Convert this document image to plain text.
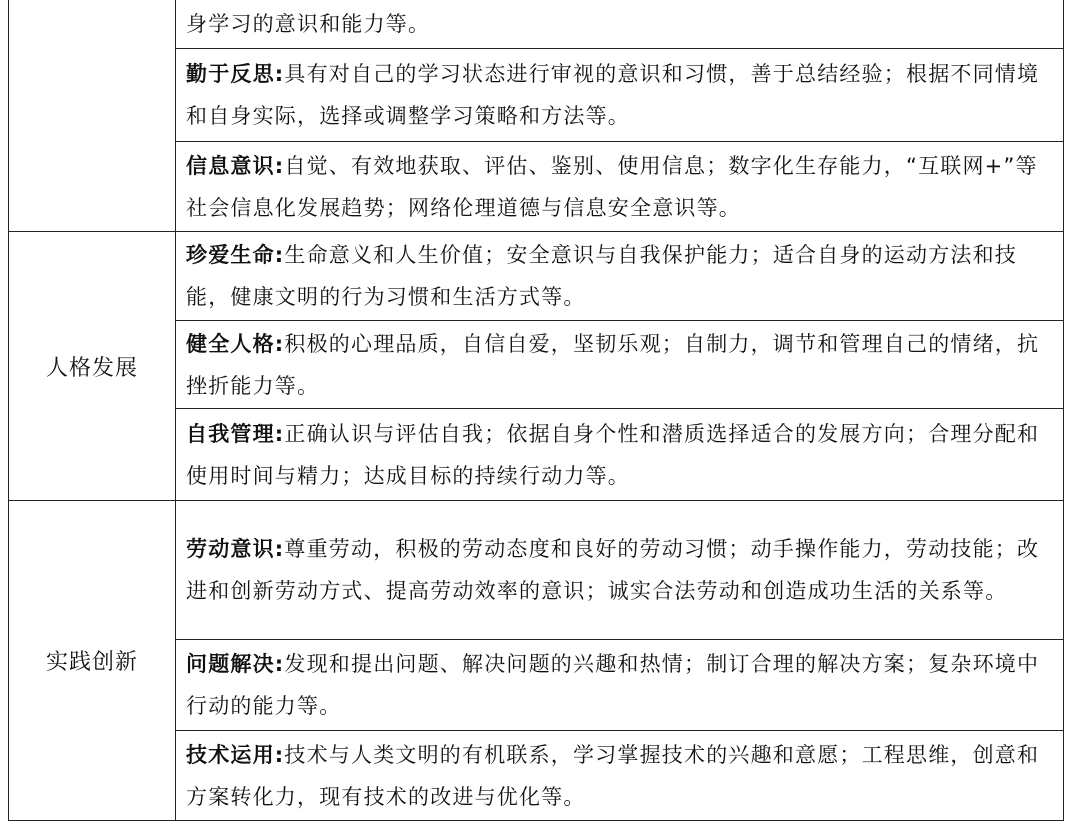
	身学习的意识和能力等。

	勤于反思:具有对自己的学习状态进行审视的意识和习惯，善于总结经验；根据不同情境和自身实际，选择或调整学习策略和方法等。

	信息意识:自觉、有效地获取、评估、鉴别、使用信息；数字化生存能力，“互联网+”等社会信息化发展趋势；网络伦理道德与信息安全意识等。

人格发展	珍爱生命:生命意义和人生价值；安全意识与自我保护能力；适合自身的运动方法和技能，健康文明的行为习惯和生活方式等。

	健全人格:积极的心理品质，自信自爱，坚韧乐观；自制力，调节和管理自己的情绪，抗挫折能力等。

	自我管理:正确认识与评估自我；依据自身个性和潜质选择适合的发展方向；合理分配和使用时间与精力；达成目标的持续行动力等。

实践创新	劳动意识:尊重劳动，积极的劳动态度和良好的劳动习惯；动手操作能力，劳动技能；改进和创新劳动方式、提高劳动效率的意识；诚实合法劳动和创造成功生活的关系等。

	问题解决:发现和提出问题、解决问题的兴趣和热情；制订合理的解决方案；复杂环境中行动的能力等。

	技术运用:技术与人类文明的有机联系，学习掌握技术的兴趣和意愿；工程思维，创意和方案转化力，现有技术的改进与优化等。
